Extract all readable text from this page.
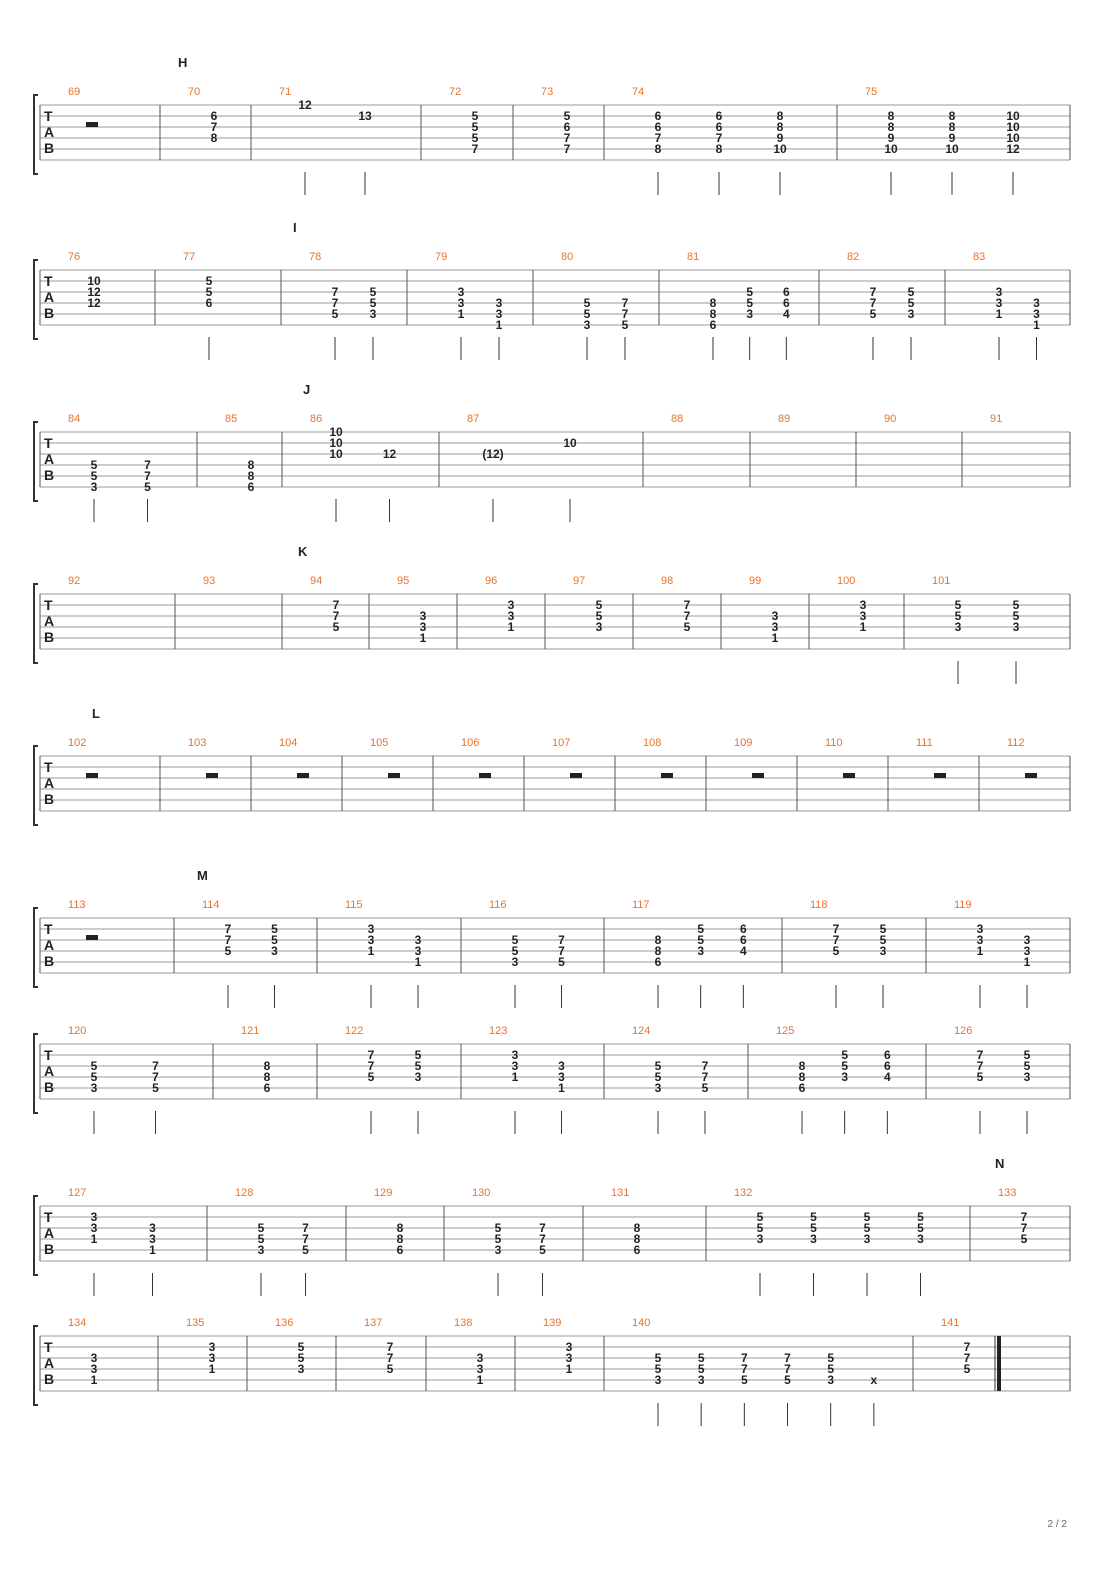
H
T
A
B
69	70
6
7
8
71
12
13
72
5
5
5
7
73
5
6
7
7
74
6
6
7
8
6
6
7
8
8
8
9
10
75
8
8
9
10
8
8
9
10
10
10
10
12
I
T
A
B
76
10
12
12
77
5
5
6
78
7
7
5
5
5
3
79
3
3
1
3
3
1
80
5
5
3
7
7
5
81
8
8
6
5
5
3
6
6
4
82
7
7
5
5
5
3
83
3
3
1
3
3
1
J
T
A
B
84
5
5
3
7
7
5
85
8
8
6
86
10
10
10	12
87
(12)
10
88	89	90	91
K
T
A
B
92	93	94
7
7
5
95
3
3
1
96
3
3
1
97
5
5
3
98
7
7
5
99
3
3
1
100
3
3
1
101
5
5
3
5
5
3
L
T
A
B
102	103	104	105	106	107	108	109	110	111	112
M
T
A
B
113	114
7
7
5
5
5
3
115
3
3
1
3
3
1
116
5
5
3
7
7
5
117
8
8
6
5
5
3
6
6
4
118
7
7
5
5
5
3
119
3
3
1
3
3
1
T
A
B
120
5
5
3
7
7
5
121
8
8
6
122
7
7
5
5
5
3
123
3
3
1
3
3
1
124
5
5
3
7
7
5
125
8
8
6
5
5
3
6
6
4
126
7
7
5
5
5
3
N
T
A
B
127
3
3
1
3
3
1
128
5
5
3
7
7
5
129
8
8
6
130
5
5
3
7
7
5
131
8
8
6
132
5
5
3
5
5
3
5
5
3
5
5
3
133
7
7
5
T
A
B
134
3
3
1
135
3
3
1
136
5
5
3
137
7
7
5
138
3
3
1
139
3
3
1
140
5
5
3
5
5
3
7
7
5
7
7
5
5
5
3	x
141
7
7
5
2 / 2
